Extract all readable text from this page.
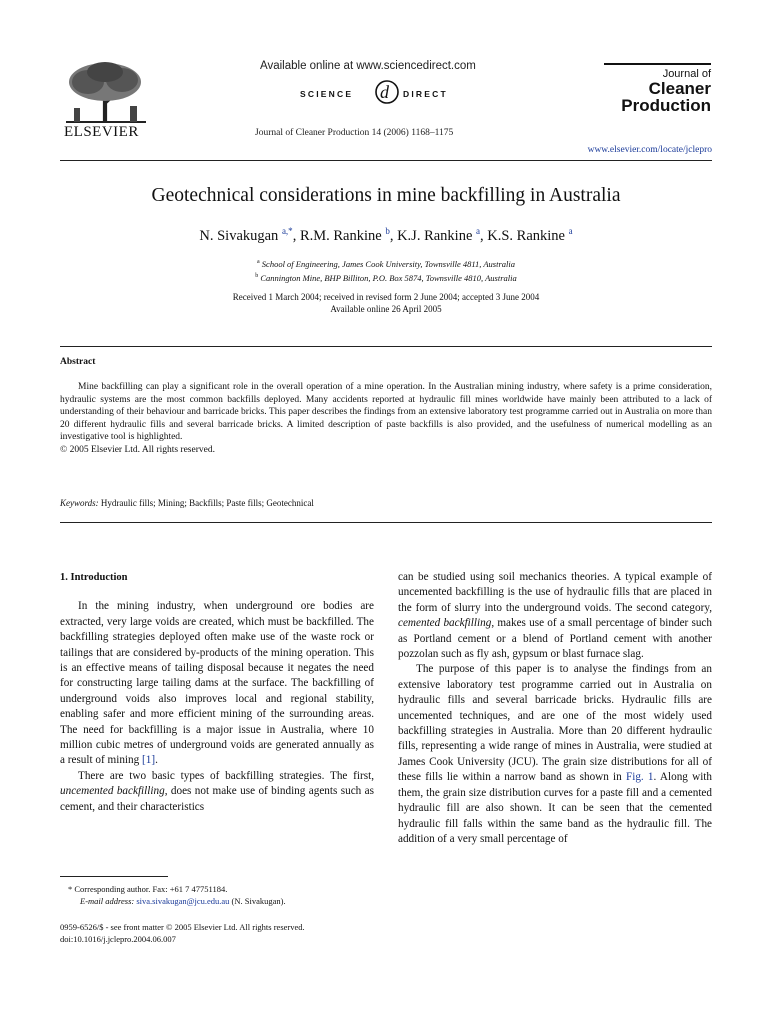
ELSEVIER
Available online at www.sciencedirect.com
SCIENCE d DIRECT
Journal of Cleaner Production 14 (2006) 1168–1175
Journal of
Cleaner
Production
www.elsevier.com/locate/jclepro
Geotechnical considerations in mine backfilling in Australia
N. Sivakugan $^{a,*}$, R.M. Rankine $^b$, K.J. Rankine $^a$, K.S. Rankine $^a$
$^a$ School of Engineering, James Cook University, Townsville 4811, Australia
$^b$ Cannington Mine, BHP Billiton, P.O. Box 5874, Townsville 4810, Australia
Received 1 March 2004; received in revised form 2 June 2004; accepted 3 June 2004
Available online 26 April 2005
Abstract
Mine backfilling can play a significant role in the overall operation of a mine operation. In the Australian mining industry, where safety is a prime consideration, hydraulic systems are the most common backfills deployed. Many accidents reported at hydraulic fill mines worldwide have mainly been attributed to a lack of understanding of their behaviour and barricade bricks. This paper describes the findings from an extensive laboratory test programme carried out in Australia on more than 20 different hydraulic fills and several barricade bricks. A limited description of paste backfills is also provided, and the usefulness of numerical modelling as an investigative tool is highlighted.
© 2005 Elsevier Ltd. All rights reserved.
Keywords: Hydraulic fills; Mining; Backfills; Paste fills; Geotechnical

1. Introduction

In the mining industry, when underground ore bodies are extracted, very large voids are created, which must be backfilled. The backfilling strategies deployed often make use of the waste rock or tailings that are considered by-products of the mining operation. This is an effective means of tailing disposal because it negates the need for constructing large tailing dams at the surface. The backfilling of underground voids also improves local and regional stability, enabling safer and more efficient mining of the surrounding areas. The need for backfilling is a major issue in Australia, where 10 million cubic metres of underground voids are generated annually as a result of mining [1].

There are two basic types of backfilling strategies. The first, uncemented backfilling, does not make use of binding agents such as cement, and their characteristics

can be studied using soil mechanics theories. A typical example of uncemented backfilling is the use of hydraulic fills that are placed in the form of slurry into the underground voids. The second category, cemented backfilling, makes use of a small percentage of binder such as Portland cement or a blend of Portland cement with another pozzolan such as fly ash, gypsum or blast furnace slag.

The purpose of this paper is to analyse the findings from an extensive laboratory test programme carried out in Australia on hydraulic fills and several barricade bricks. Hydraulic fills are uncemented techniques, and are one of the most widely used backfilling strategies in Australia. More than 20 different hydraulic fills, representing a wide range of mines in Australia, were studied at James Cook University (JCU). The grain size distributions for all of these fills lie within a narrow band as shown in Fig. 1. Along with them, the grain size distribution curves for a paste fill and a cemented hydraulic fill are also shown. It can be seen that the cemented hydraulic fill falls within the same band as the hydraulic fill. The addition of a very small percentage of

* Corresponding author. Fax: +61 7 47751184.
E-mail address: siva.sivakugan@jcu.edu.au (N. Sivakugan).
0959-6526/$ - see front matter © 2005 Elsevier Ltd. All rights reserved.
doi:10.1016/j.jclepro.2004.06.007
